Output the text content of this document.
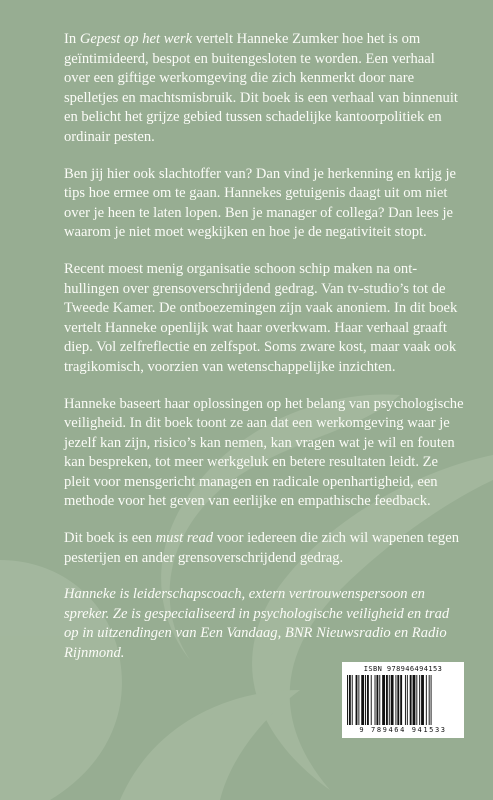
In Gepest op het werk vertelt Hanneke Zumker hoe het is om geïntimideerd, bespot en buitengesloten te worden. Een verhaal over een giftige werkomgeving die zich kenmerkt door nare spelletjes en machtsmisbruik. Dit boek is een verhaal van binnenuit en belicht het grijze gebied tussen schadelijke kantoorpolitiek en ordinair pesten.

Ben jij hier ook slachtoffer van? Dan vind je herkenning en krijg je tips hoe ermee om te gaan. Hannekes getuigenis daagt uit om niet over je heen te laten lopen. Ben je manager of collega? Dan lees je waarom je niet moet wegkijken en hoe je de negativiteit stopt.

Recent moest menig organisatie schoon schip maken na ont-hullingen over grensoverschrijdend gedrag. Van tv-studio’s tot de Tweede Kamer. De ontboezemingen zijn vaak anoniem. In dit boek vertelt Hanneke openlijk wat haar overkwam. Haar verhaal graaft diep. Vol zelfreflectie en zelfspot. Soms zware kost, maar vaak ook tragikomisch, voorzien van wetenschappelijke inzichten.

Hanneke baseert haar oplossingen op het belang van psychologische veiligheid. In dit boek toont ze aan dat een werkomgeving waar je jezelf kan zijn, risico’s kan nemen, kan vragen wat je wil en fouten kan bespreken, tot meer werkgeluk en betere resultaten leidt. Ze pleit voor mensgericht managen en radicale openhartigheid, een methode voor het geven van eerlijke en empathische feedback.

Dit boek is een must read voor iedereen die zich wil wapenen tegen pesterijen en ander grensoverschrijdend gedrag.

Hanneke is leiderschapscoach, extern vertrouwenspersoon en spreker. Ze is gespecialiseerd in psychologische veiligheid en trad op in uitzendingen van Een Vandaag, BNR Nieuwsradio en Radio Rijnmond.

ISBN 978946494153
9 789464 941533
